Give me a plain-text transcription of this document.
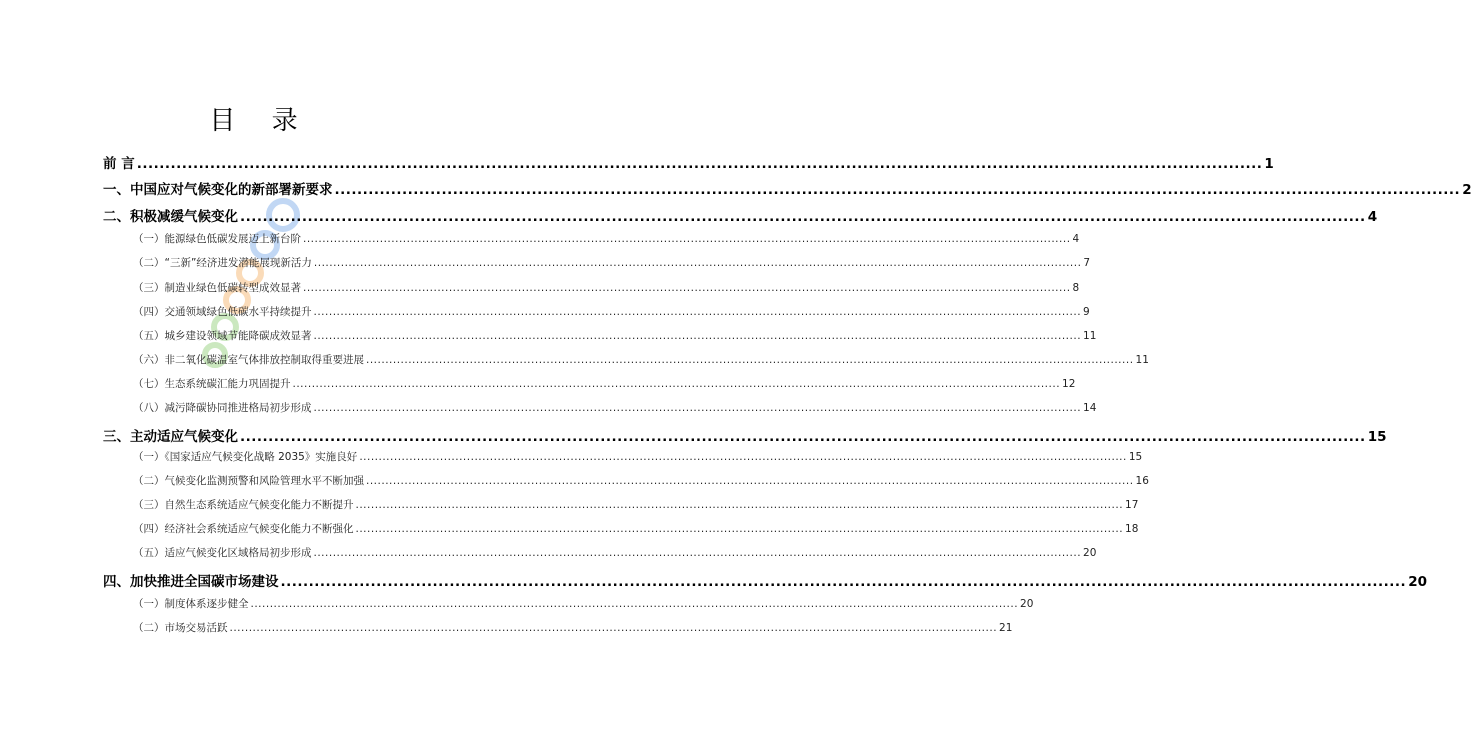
目 录
前 言 ........................................................................................................................................................................................................ 1
一、中国应对气候变化的新部署新要求 ........................................................................................................................................................................................................ 2
二、积极减缓气候变化 ........................................................................................................................................................................................................ 4
（一）能源绿色低碳发展迈上新台阶 ........................................................................................................................................................................................................ 4
（二）“三新”经济进发潜能展现新活力 ........................................................................................................................................................................................................ 7
（三）制造业绿色低碳转型成效显著 ........................................................................................................................................................................................................ 8
（四）交通领域绿色低碳水平持续提升 ........................................................................................................................................................................................................ 9
（五）城乡建设领域节能降碳成效显著 ........................................................................................................................................................................................................ 11
（六）非二氧化碳温室气体排放控制取得重要进展 ........................................................................................................................................................................................................ 11
（七）生态系统碳汇能力巩固提升 ........................................................................................................................................................................................................ 12
（八）减污降碳协同推进格局初步形成 ........................................................................................................................................................................................................ 14
三、主动适应气候变化 ........................................................................................................................................................................................................ 15
（一）《国家适应气候变化战略 2035》实施良好 ........................................................................................................................................................................................................ 15
（二）气候变化监测预警和风险管理水平不断加强 ........................................................................................................................................................................................................ 16
（三）自然生态系统适应气候变化能力不断提升 ........................................................................................................................................................................................................ 17
（四）经济社会系统适应气候变化能力不断强化 ........................................................................................................................................................................................................ 18
（五）适应气候变化区域格局初步形成 ........................................................................................................................................................................................................ 20
四、加快推进全国碳市场建设 ........................................................................................................................................................................................................ 20
（一）制度体系逐步健全 ........................................................................................................................................................................................................ 20
（二）市场交易活跃 ........................................................................................................................................................................................................ 21
